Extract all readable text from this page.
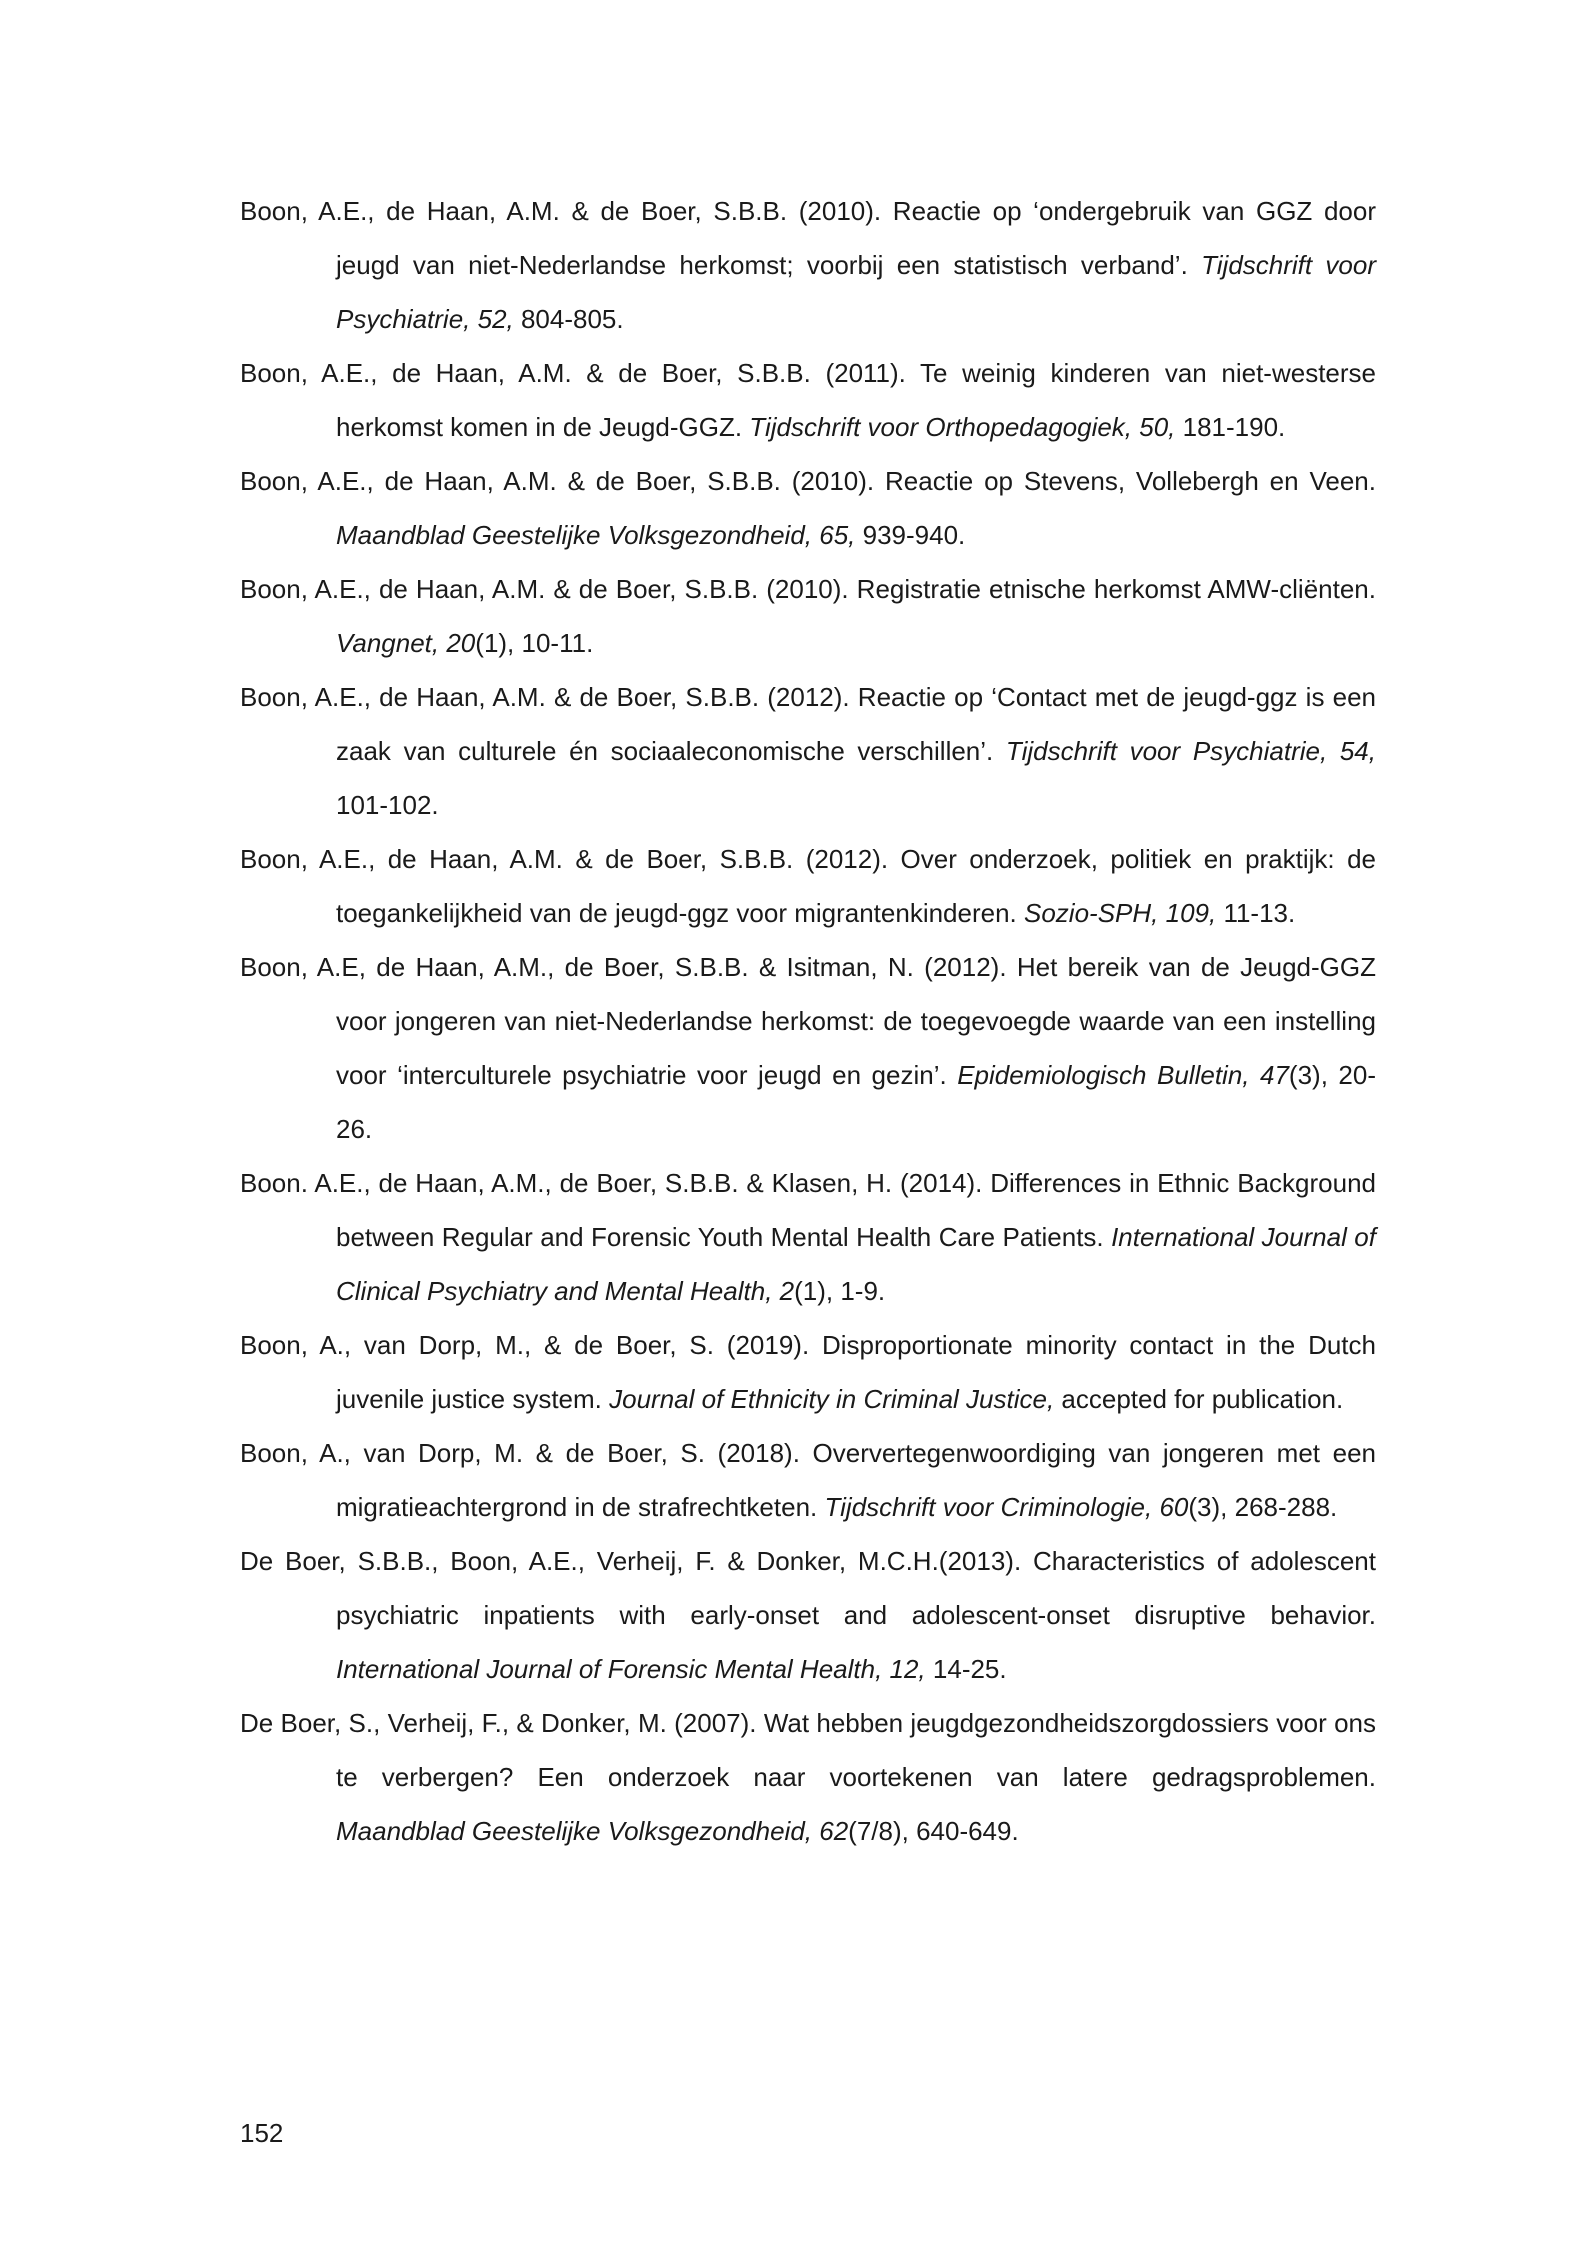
Boon, A.E., de Haan, A.M. & de Boer, S.B.B. (2010). Reactie op ‘ondergebruik van GGZ door jeugd van niet-Nederlandse herkomst; voorbij een statistisch verband’. Tijdschrift voor Psychiatrie, 52, 804-805.
Boon, A.E., de Haan, A.M. & de Boer, S.B.B. (2011). Te weinig kinderen van niet-westerse herkomst komen in de Jeugd-GGZ. Tijdschrift voor Orthopedagogiek, 50, 181-190.
Boon, A.E., de Haan, A.M. & de Boer, S.B.B. (2010). Reactie op Stevens, Vollebergh en Veen. Maandblad Geestelijke Volksgezondheid, 65, 939-940.
Boon, A.E., de Haan, A.M. & de Boer, S.B.B. (2010). Registratie etnische herkomst AMW-cliënten. Vangnet, 20(1), 10-11.
Boon, A.E., de Haan, A.M. & de Boer, S.B.B. (2012). Reactie op ‘Contact met de jeugd-ggz is een zaak van culturele én sociaaleconomische verschillen’. Tijdschrift voor Psychiatrie, 54, 101-102.
Boon, A.E., de Haan, A.M. & de Boer, S.B.B. (2012). Over onderzoek, politiek en praktijk: de toegankelijkheid van de jeugd-ggz voor migrantenkinderen. Sozio-SPH, 109, 11-13.
Boon, A.E, de Haan, A.M., de Boer, S.B.B. & Isitman, N. (2012). Het bereik van de Jeugd-GGZ voor jongeren van niet-Nederlandse herkomst: de toegevoegde waarde van een instelling voor ‘interculturele psychiatrie voor jeugd en gezin’. Epidemiologisch Bulletin, 47(3), 20-26.
Boon. A.E., de Haan, A.M., de Boer, S.B.B. & Klasen, H. (2014). Differences in Ethnic Background between Regular and Forensic Youth Mental Health Care Patients. International Journal of Clinical Psychiatry and Mental Health, 2(1), 1-9.
Boon, A., van Dorp, M., & de Boer, S. (2019). Disproportionate minority contact in the Dutch juvenile justice system. Journal of Ethnicity in Criminal Justice, accepted for publication.
Boon, A., van Dorp, M. & de Boer, S. (2018). Oververtegenwoordiging van jongeren met een migratieachtergrond in de strafrechtketen. Tijdschrift voor Criminologie, 60(3), 268-288.
De Boer, S.B.B., Boon, A.E., Verheij, F. & Donker, M.C.H.(2013). Characteristics of adolescent psychiatric inpatients with early-onset and adolescent-onset disruptive behavior. International Journal of Forensic Mental Health, 12, 14-25.
De Boer, S., Verheij, F., & Donker, M. (2007). Wat hebben jeugdgezondheidszorgdossiers voor ons te verbergen? Een onderzoek naar voortekenen van latere gedragsproblemen. Maandblad Geestelijke Volksgezondheid, 62(7/8), 640-649.
152
